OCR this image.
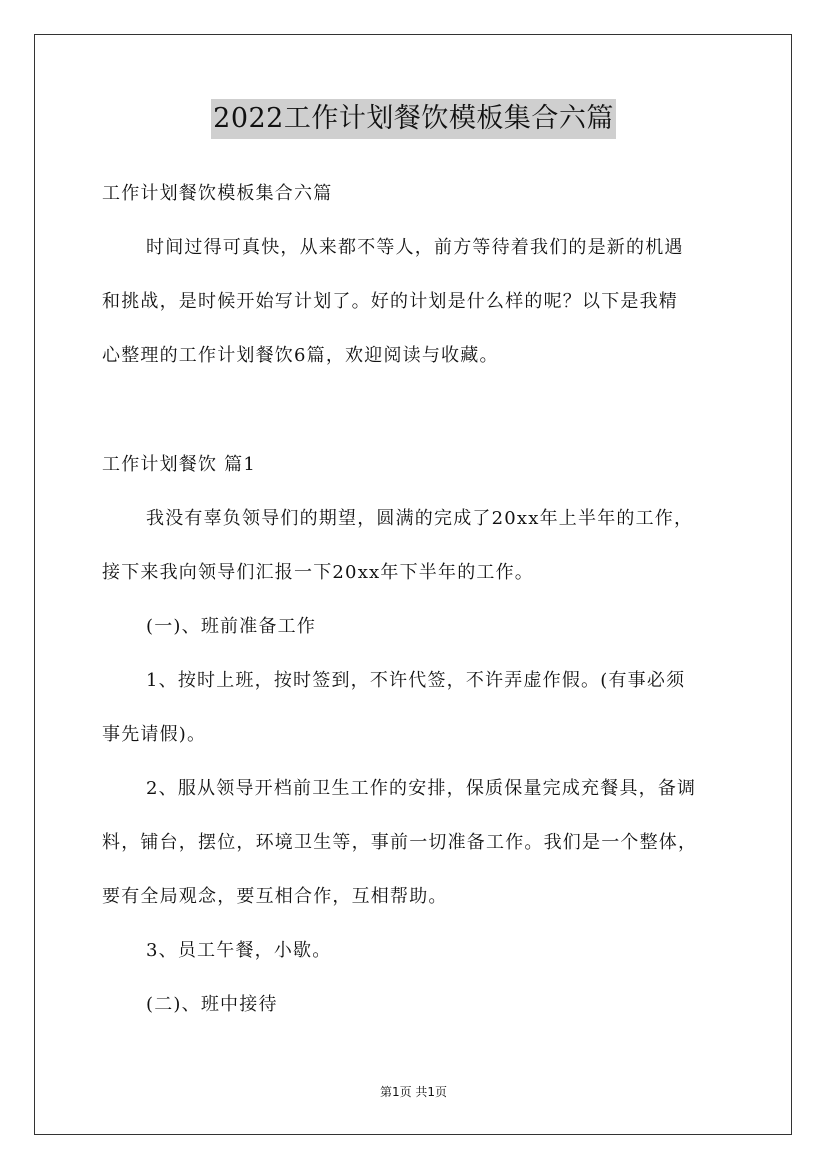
2022工作计划餐饮模板集合六篇
工作计划餐饮模板集合六篇
时间过得可真快，从来都不等人，前方等待着我们的是新的机遇
和挑战，是时候开始写计划了。好的计划是什么样的呢？以下是我精
心整理的工作计划餐饮6篇，欢迎阅读与收藏。
工作计划餐饮 篇1
我没有辜负领导们的期望，圆满的完成了20xx年上半年的工作，
接下来我向领导们汇报一下20xx年下半年的工作。
(一)、班前准备工作
1、按时上班，按时签到，不许代签，不许弄虚作假。(有事必须
事先请假)。
2、服从领导开档前卫生工作的安排，保质保量完成充餐具，备调
料，铺台，摆位，环境卫生等，事前一切准备工作。我们是一个整体，
要有全局观念，要互相合作，互相帮助。
3、员工午餐，小歇。
(二)、班中接待
第1页 共1页
